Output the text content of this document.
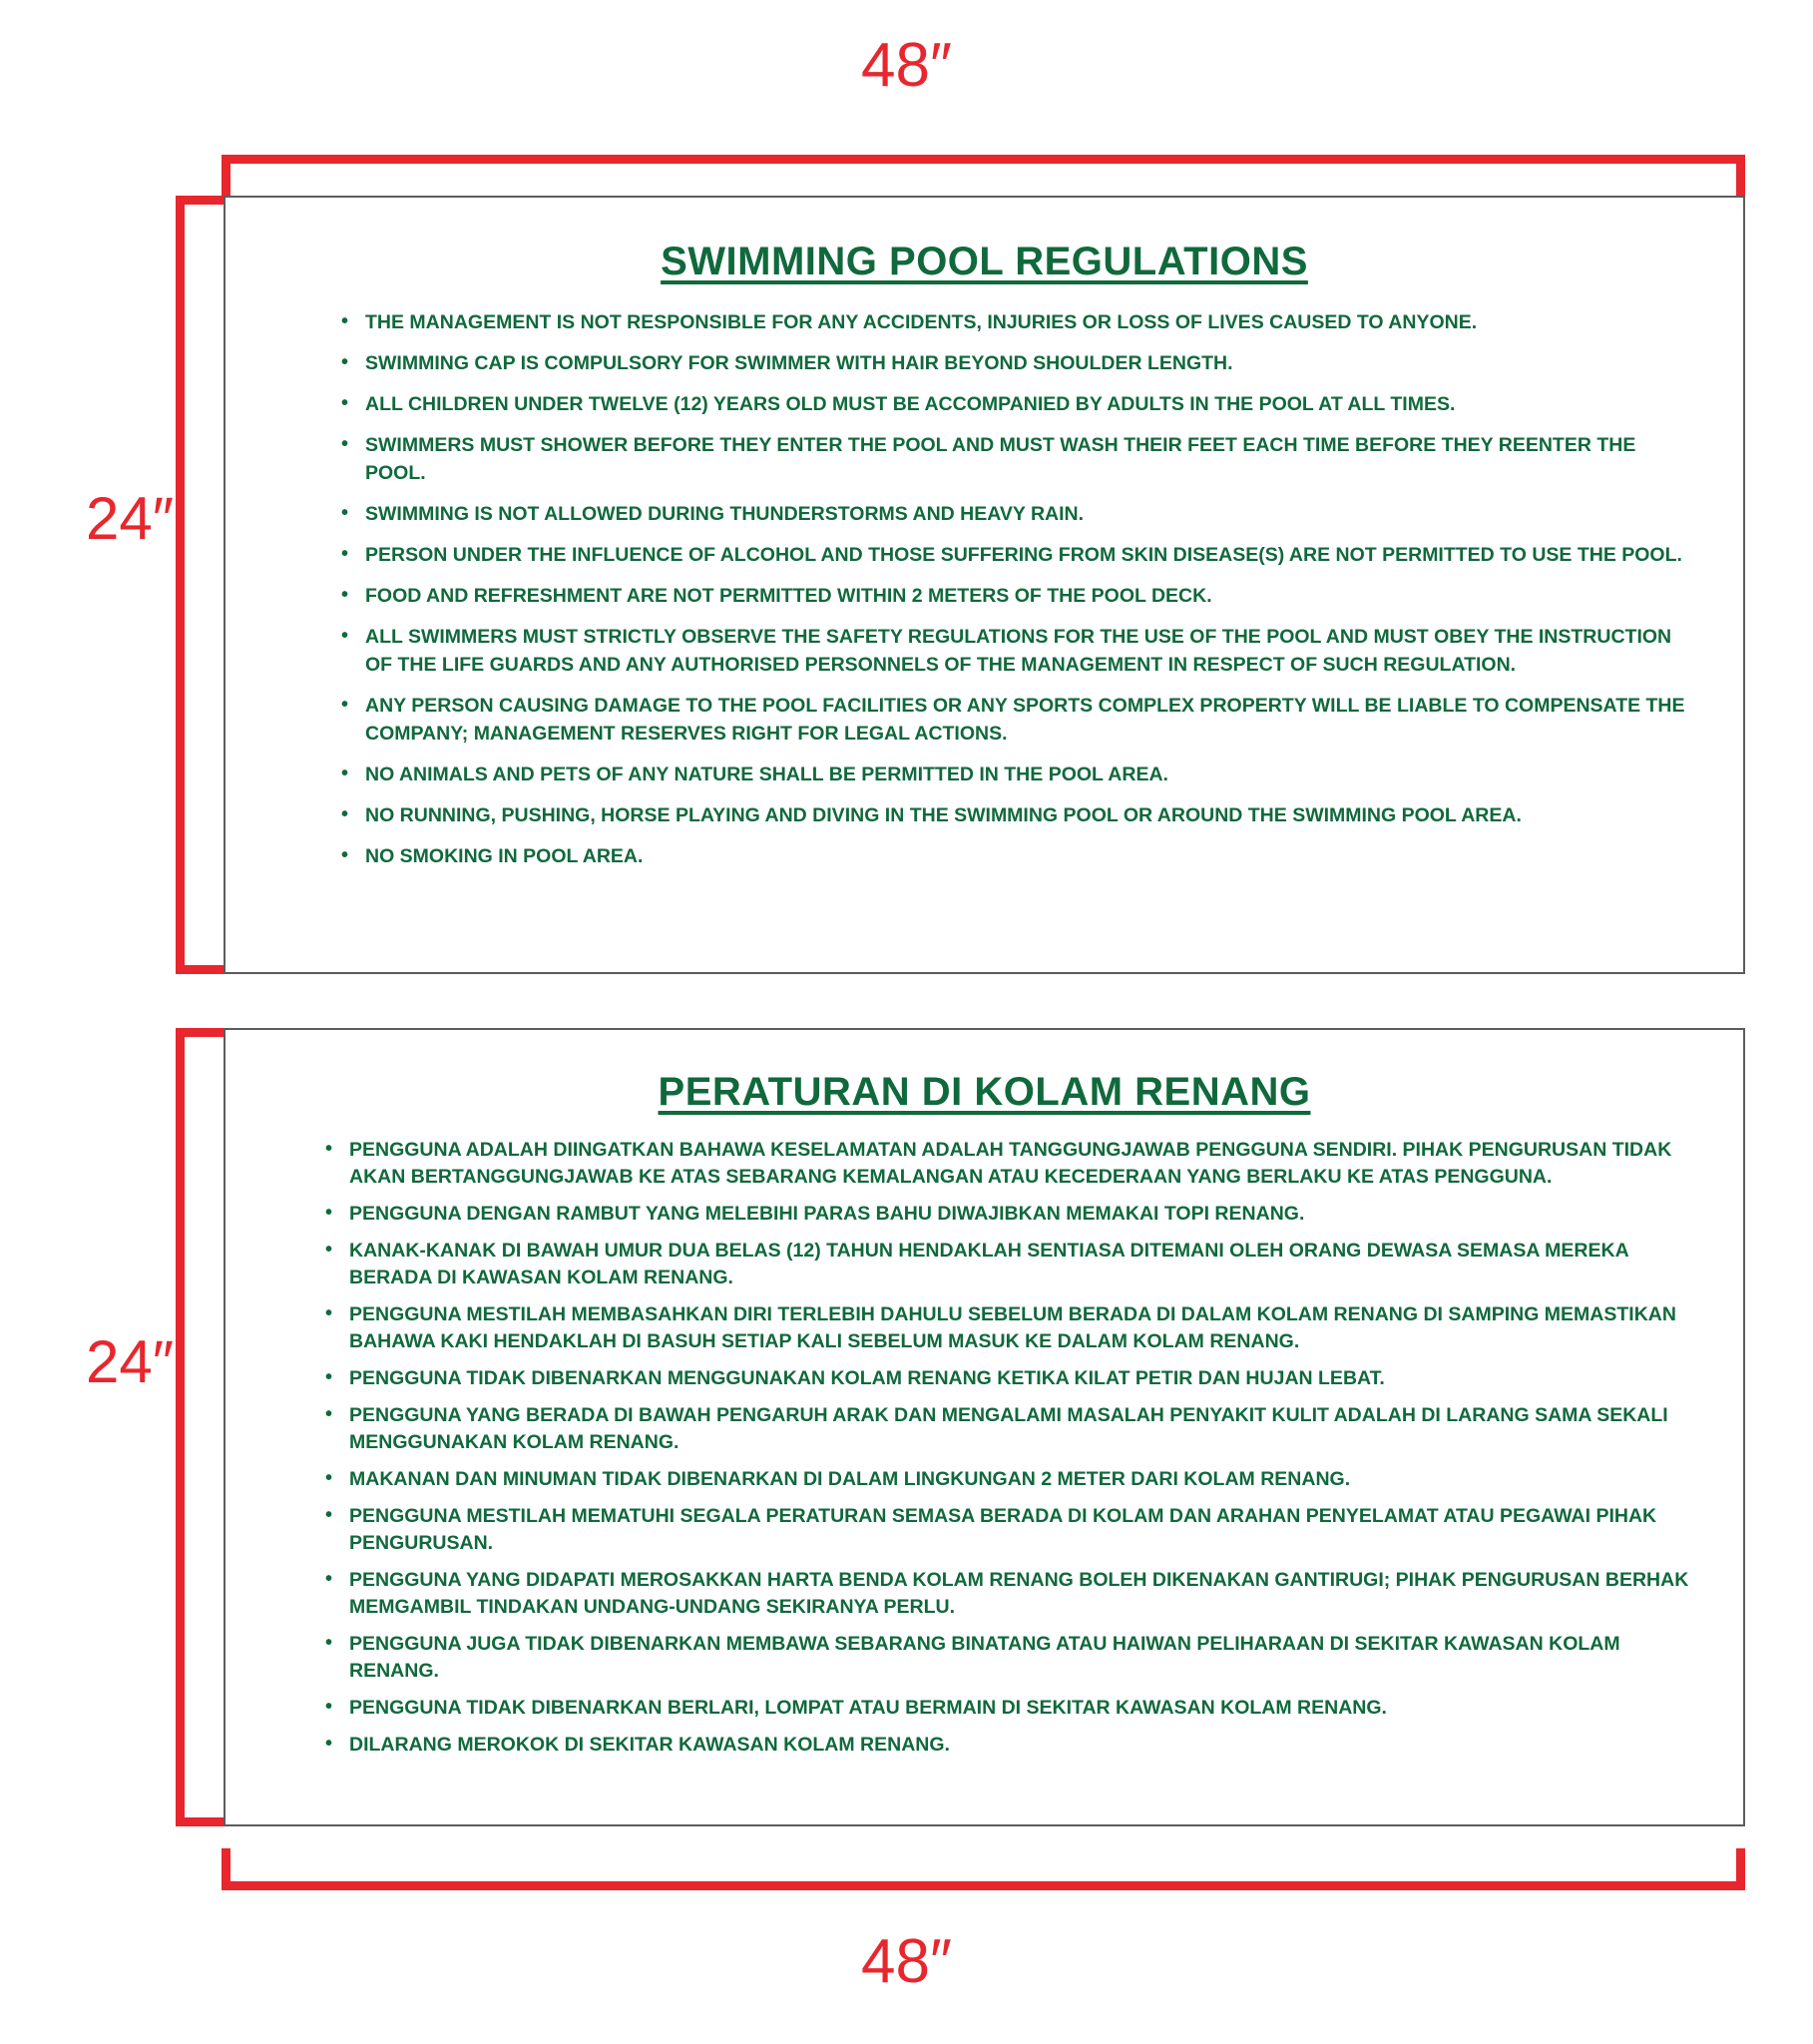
48″
24″
SWIMMING POOL REGULATIONS
• THE MANAGEMENT IS NOT RESPONSIBLE FOR ANY ACCIDENTS, INJURIES OR LOSS OF LIVES CAUSED TO ANYONE.
• SWIMMING CAP IS COMPULSORY FOR SWIMMER WITH HAIR BEYOND SHOULDER LENGTH.
• ALL CHILDREN UNDER TWELVE (12) YEARS OLD MUST BE ACCOMPANIED BY ADULTS IN THE POOL AT ALL TIMES.
• SWIMMERS MUST SHOWER BEFORE THEY ENTER THE POOL AND MUST WASH THEIR FEET EACH TIME BEFORE THEY REENTER THE POOL.
• SWIMMING IS NOT ALLOWED DURING THUNDERSTORMS AND HEAVY RAIN.
• PERSON UNDER THE INFLUENCE OF ALCOHOL AND THOSE SUFFERING FROM SKIN DISEASE(S) ARE NOT PERMITTED TO USE THE POOL.
• FOOD AND REFRESHMENT ARE NOT PERMITTED WITHIN 2 METERS OF THE POOL DECK.
• ALL SWIMMERS MUST STRICTLY OBSERVE THE SAFETY REGULATIONS FOR THE USE OF THE POOL AND MUST OBEY THE INSTRUCTION OF THE LIFE GUARDS AND ANY AUTHORISED PERSONNELS OF THE MANAGEMENT IN RESPECT OF SUCH REGULATION.
• ANY PERSON CAUSING DAMAGE TO THE POOL FACILITIES OR ANY SPORTS COMPLEX PROPERTY WILL BE LIABLE TO COMPENSATE THE COMPANY; MANAGEMENT RESERVES RIGHT FOR LEGAL ACTIONS.
• NO ANIMALS AND PETS OF ANY NATURE SHALL BE PERMITTED IN THE POOL AREA.
• NO RUNNING, PUSHING, HORSE PLAYING AND DIVING IN THE SWIMMING POOL OR AROUND THE SWIMMING POOL AREA.
• NO SMOKING IN POOL AREA.
24″
PERATURAN DI KOLAM RENANG
• PENGGUNA ADALAH DIINGATKAN BAHAWA KESELAMATAN ADALAH TANGGUNGJAWAB PENGGUNA SENDIRI. PIHAK PENGURUSAN TIDAK AKAN BERTANGGUNGJAWAB KE ATAS SEBARANG KEMALANGAN ATAU KECEDERAAN YANG BERLAKU KE ATAS PENGGUNA.
• PENGGUNA DENGAN RAMBUT YANG MELEBIHI PARAS BAHU DIWAJIBKAN MEMAKAI TOPI RENANG.
• KANAK-KANAK DI BAWAH UMUR DUA BELAS (12) TAHUN HENDAKLAH SENTIASA DITEMANI OLEH ORANG DEWASA SEMASA MEREKA BERADA DI KAWASAN KOLAM RENANG.
• PENGGUNA MESTILAH MEMBASAHKAN DIRI TERLEBIH DAHULU SEBELUM BERADA DI DALAM KOLAM RENANG DI SAMPING MEMASTIKAN BAHAWA KAKI HENDAKLAH DI BASUH SETIAP KALI SEBELUM MASUK KE DALAM KOLAM RENANG.
• PENGGUNA TIDAK DIBENARKAN MENGGUNAKAN KOLAM RENANG KETIKA KILAT PETIR DAN HUJAN LEBAT.
• PENGGUNA YANG BERADA DI BAWAH PENGARUH ARAK DAN MENGALAMI MASALAH PENYAKIT KULIT ADALAH DI LARANG SAMA SEKALI MENGGUNAKAN KOLAM RENANG.
• MAKANAN DAN MINUMAN TIDAK DIBENARKAN DI DALAM LINGKUNGAN 2 METER DARI KOLAM RENANG.
• PENGGUNA MESTILAH MEMATUHI SEGALA PERATURAN SEMASA BERADA DI KOLAM DAN ARAHAN PENYELAMAT ATAU PEGAWAI PIHAK PENGURUSAN.
• PENGGUNA YANG DIDAPATI MEROSAKKAN HARTA BENDA KOLAM RENANG BOLEH DIKENAKAN GANTIRUGI; PIHAK PENGURUSAN BERHAK MEMGAMBIL TINDAKAN UNDANG-UNDANG SEKIRANYA PERLU.
• PENGGUNA JUGA TIDAK DIBENARKAN MEMBAWA SEBARANG BINATANG ATAU HAIWAN PELIHARAAN DI SEKITAR KAWASAN KOLAM RENANG.
• PENGGUNA TIDAK DIBENARKAN BERLARI, LOMPAT ATAU BERMAIN DI SEKITAR KAWASAN KOLAM RENANG.
• DILARANG MEROKOK DI SEKITAR KAWASAN KOLAM RENANG.
48″
